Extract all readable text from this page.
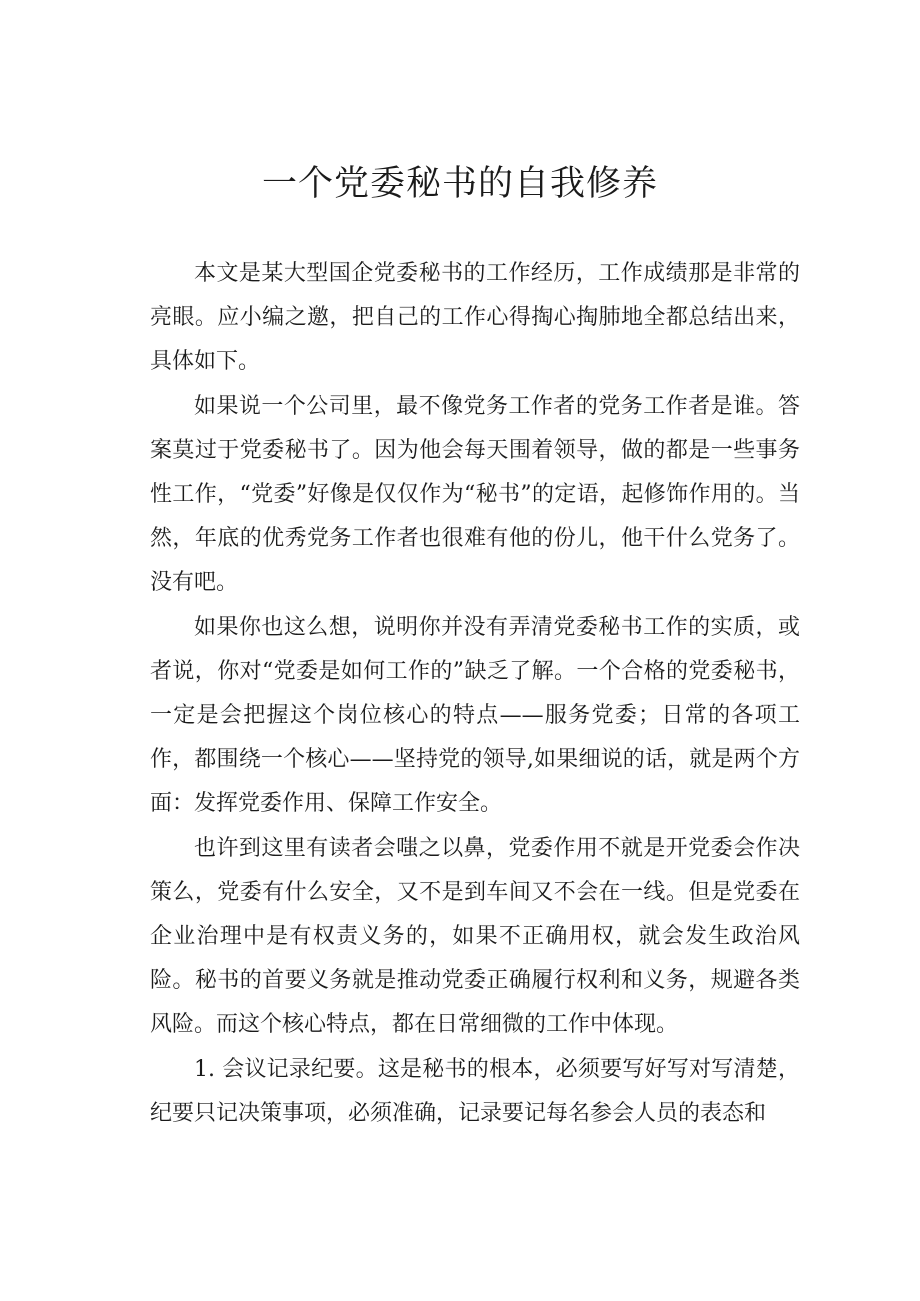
一个党委秘书的自我修养

本文是某大型国企党委秘书的工作经历，工作成绩那是非常的亮眼。应小编之邀，把自己的工作心得掏心掏肺地全都总结出来，具体如下。

如果说一个公司里，最不像党务工作者的党务工作者是谁。答案莫过于党委秘书了。因为他会每天围着领导，做的都是一些事务性工作，“党委”好像是仅仅作为“秘书”的定语，起修饰作用的。当然，年底的优秀党务工作者也很难有他的份儿，他干什么党务了。没有吧。

如果你也这么想，说明你并没有弄清党委秘书工作的实质，或者说，你对“党委是如何工作的”缺乏了解。一个合格的党委秘书，一定是会把握这个岗位核心的特点——服务党委；日常的各项工作，都围绕一个核心——坚持党的领导,如果细说的话，就是两个方面：发挥党委作用、保障工作安全。

也许到这里有读者会嗤之以鼻，党委作用不就是开党委会作决策么，党委有什么安全，又不是到车间又不会在一线。但是党委在企业治理中是有权责义务的，如果不正确用权，就会发生政治风险。秘书的首要义务就是推动党委正确履行权利和义务，规避各类风险。而这个核心特点，都在日常细微的工作中体现。

1. 会议记录纪要。这是秘书的根本，必须要写好写对写清楚，纪要只记决策事项，必须准确，记录要记每名参会人员的表态和
